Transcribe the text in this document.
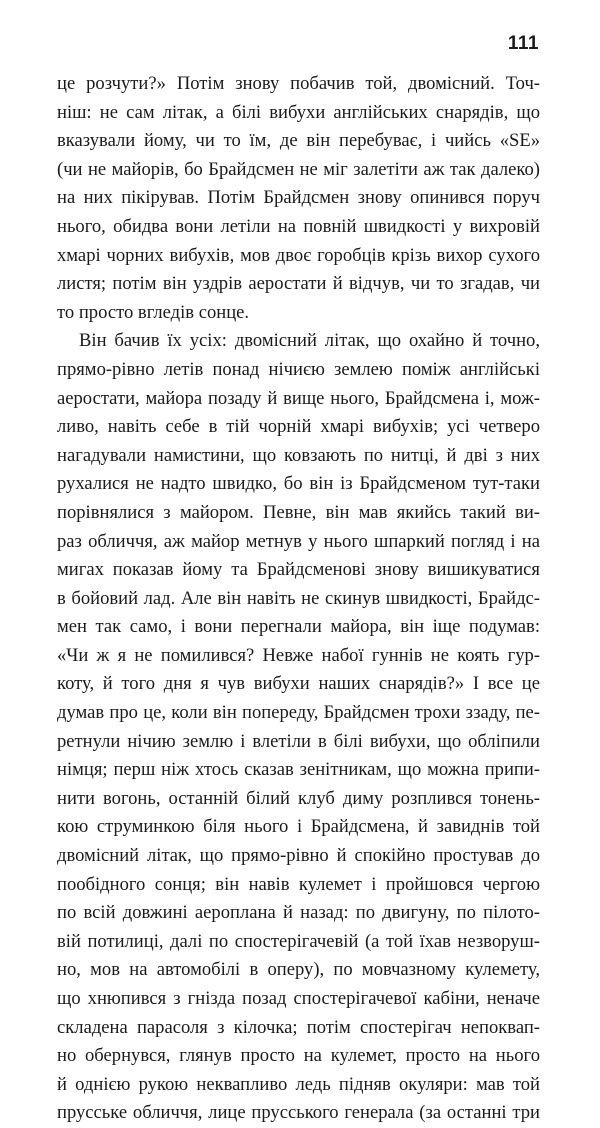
111
це розчути?» Потім знову побачив той, двомісний. Точ-
ніш: не сам літак, а білі вибухи англійських снарядів, що
вказували йому, чи то їм, де він перебуває, і чийсь «SE»
(чи не майорів, бо Брайдсмен не міг залетіти аж так далеко)
на них пікірував. Потім Брайдсмен знову опинився поруч
нього, обидва вони летіли на повній швидкості у вихровій
хмарі чорних вибухів, мов двоє горобців крізь вихор сухого
листя; потім він уздрів аеростати й відчув, чи то згадав, чи
то просто вгледів сонце.
Він бачив їх усіх: двомісний літак, що охайно й точно,
прямо-рівно летів понад нічиєю землею поміж англійські
аеростати, майора позаду й вище нього, Брайдсмена і, мож-
ливо, навіть себе в тій чорній хмарі вибухів; усі четверо
нагадували намистини, що ковзають по нитці, й дві з них
рухалися не надто швидко, бо він із Брайдсменом тут-таки
порівнялися з майором. Певне, він мав якийсь такий ви-
раз обличчя, аж майор метнув у нього шпаркий погляд і на
мигах показав йому та Брайдсменові знову вишикуватися
в бойовий лад. Але він навіть не скинув швидкості, Брайдс-
мен так само, і вони перегнали майора, він іще подумав:
«Чи ж я не помилився? Невже набої гуннів не коять гур-
коту, й того дня я чув вибухи наших снарядів?» І все це
думав про це, коли він попереду, Брайдсмен трохи ззаду, пе-
ретнули нічию землю і влетіли в білі вибухи, що обліпили
німця; перш ніж хтось сказав зенітникам, що можна припи-
нити вогонь, останній білий клуб диму розплився тонень-
кою струминкою біля нього і Брайдсмена, й завиднів той
двомісний літак, що прямо-рівно й спокійно простував до
пообідного сонця; він навів кулемет і пройшовся чергою
по всій довжині аероплана й назад: по двигуну, по пілото-
вій потилиці, далі по спостерігачевій (а той їхав незворуш-
но, мов на автомобілі в оперу), по мовчазному кулемету,
що хнюпився з гнізда позад спостерігачевої кабіни, неначе
складена парасоля з кілочка; потім спостерігач непоквап-
но обернувся, глянув просто на кулемет, просто на нього
й однією рукою неквапливо ледь підняв окуляри: мав той
прусське обличчя, лице прусського генерала (за останні три
